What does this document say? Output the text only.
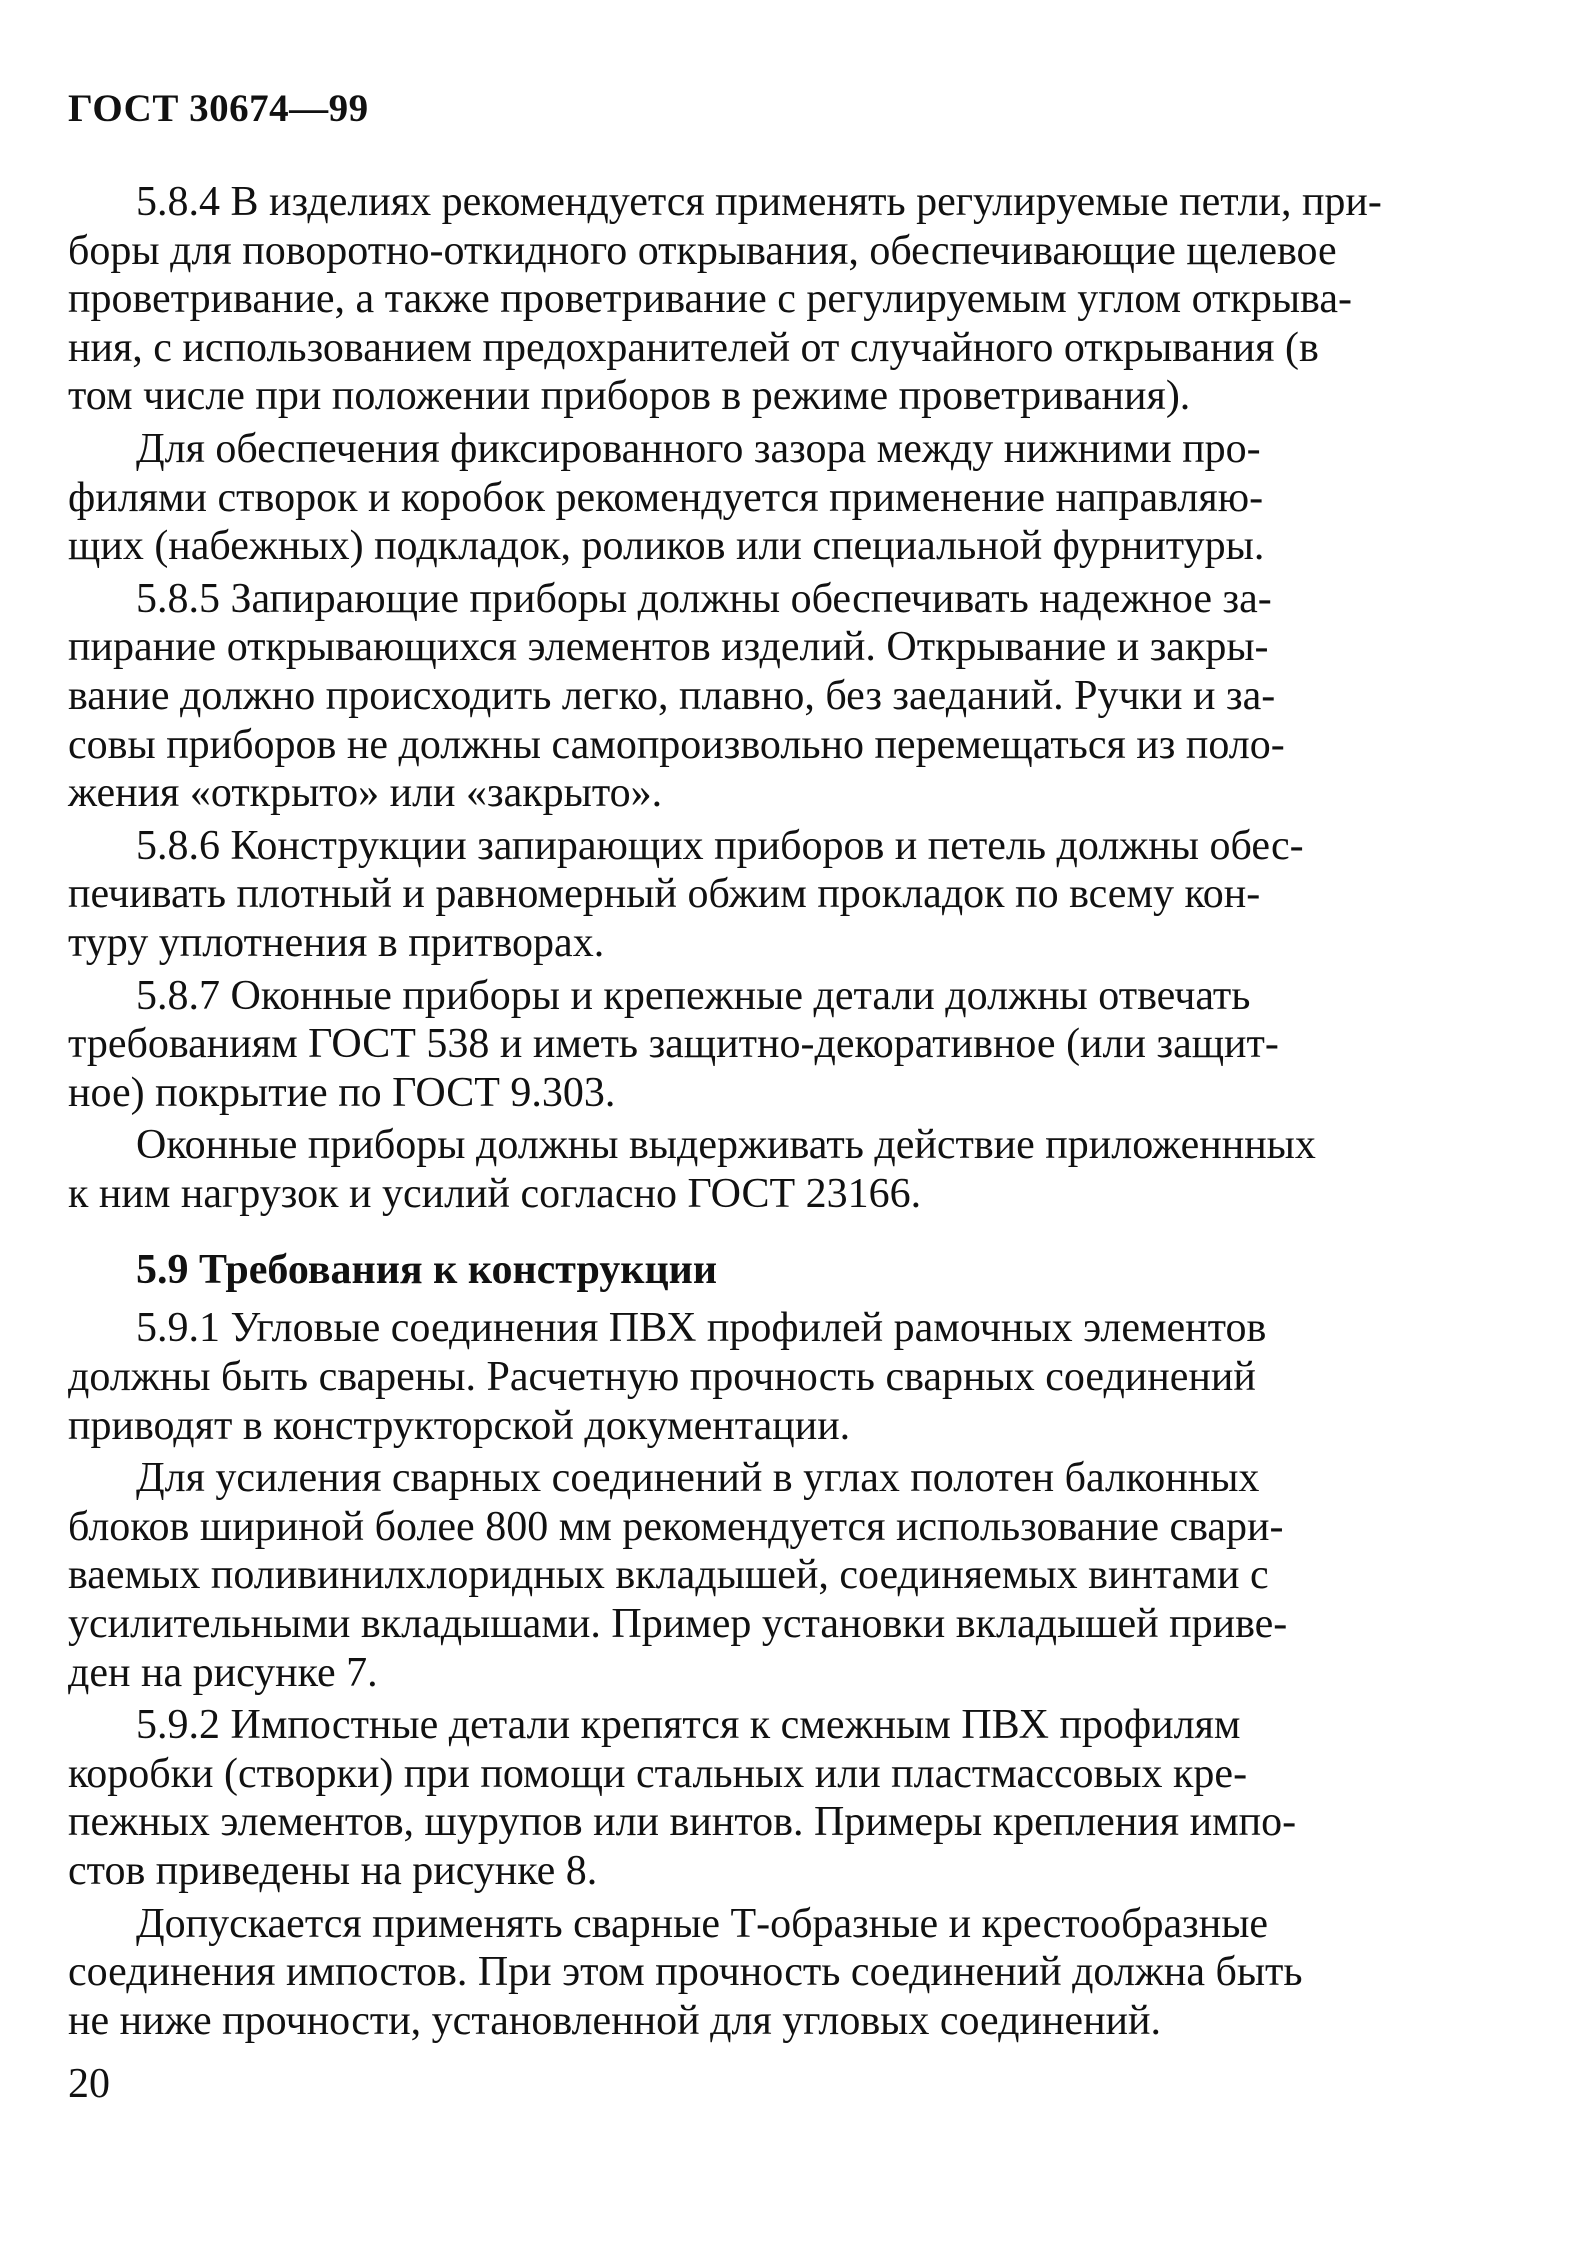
ГОСТ 30674—99

5.8.4 В изделиях рекомендуется применять регулируемые петли, при-
боры для поворотно-откидного открывания, обеспечивающие щелевое
проветривание, а также проветривание с регулируемым углом открыва-
ния, с использованием предохранителей от случайного открывания (в
том числе при положении приборов в режиме проветривания).

Для обеспечения фиксированного зазора между нижними про-
филями створок и коробок рекомендуется применение направляю-
щих (набежных) подкладок, роликов или специальной фурнитуры.

5.8.5 Запирающие приборы должны обеспечивать надежное за-
пирание открывающихся элементов изделий. Открывание и закры-
вание должно происходить легко, плавно, без заеданий. Ручки и за-
совы приборов не должны самопроизвольно перемещаться из поло-
жения «открыто» или «закрыто».

5.8.6 Конструкции запирающих приборов и петель должны обес-
печивать плотный и равномерный обжим прокладок по всему кон-
туру уплотнения в притворах.

5.8.7 Оконные приборы и крепежные детали должны отвечать
требованиям ГОСТ 538 и иметь защитно-декоративное (или защит-
ное) покрытие по ГОСТ 9.303.

Оконные приборы должны выдерживать действие приложеннных
к ним нагрузок и усилий согласно ГОСТ 23166.

5.9 Требования к конструкции

5.9.1 Угловые соединения ПВХ профилей рамочных элементов
должны быть сварены. Расчетную прочность сварных соединений
приводят в конструкторской документации.

Для усиления сварных соединений в углах полотен балконных
блоков шириной более 800 мм рекомендуется использование свари-
ваемых поливинилхлоридных вкладышей, соединяемых винтами с
усилительными вкладышами. Пример установки вкладышей приве-
ден на рисунке 7.

5.9.2 Импостные детали крепятся к смежным ПВХ профилям
коробки (створки) при помощи стальных или пластмассовых кре-
пежных элементов, шурупов или винтов. Примеры крепления импо-
стов приведены на рисунке 8.

Допускается применять сварные Т-образные и крестообразные
соединения импостов. При этом прочность соединений должна быть
не ниже прочности, установленной для угловых соединений.

20
